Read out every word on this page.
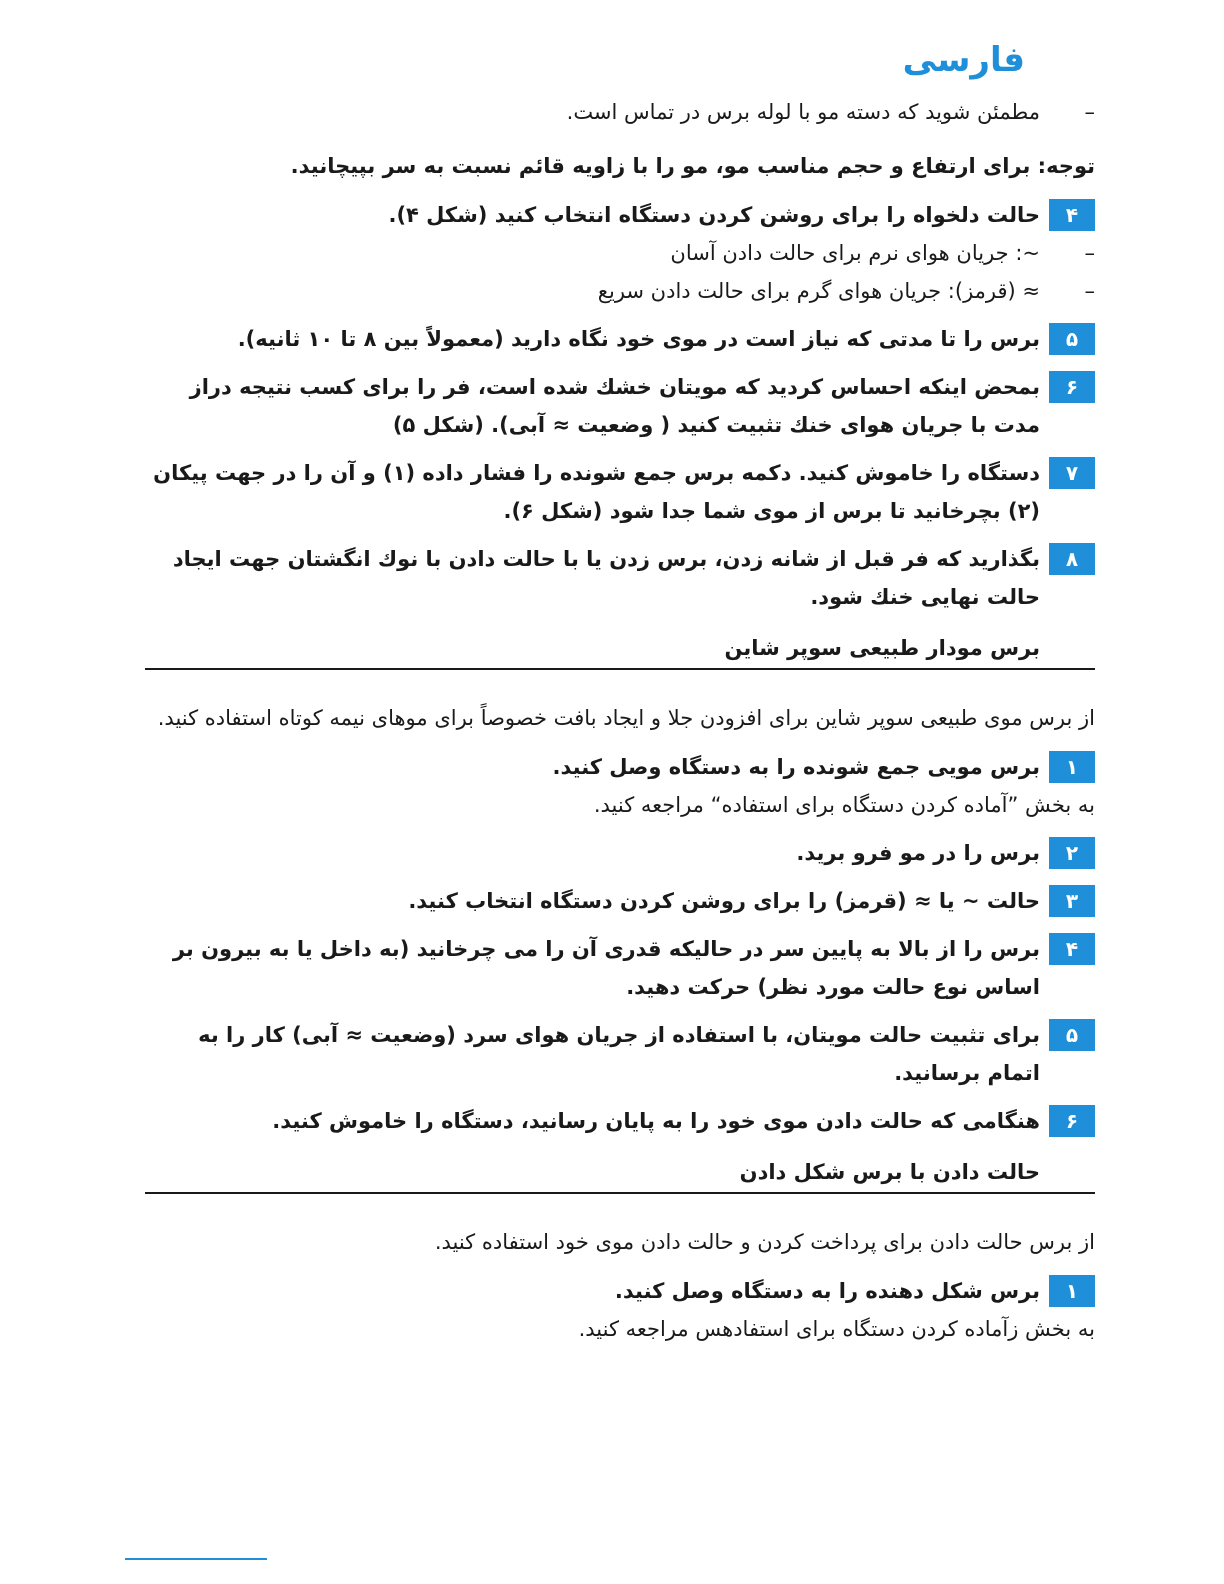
فارسی
–
مطمئن شوید که دسته مو با لوله برس در تماس است.
توجه: برای ارتفاع و حجم مناسب مو، مو را با زاویه قائم نسبت به سر بپیچانید.
۴
حالت دلخواه را برای روشن کردن دستگاه انتخاب کنید (شکل ۴).
–
~: جریان هوای نرم برای حالت دادن آسان
–
≈ (قرمز): جریان هوای گرم برای حالت دادن سریع
۵
برس را تا مدتی که نیاز است در موی خود نگاه دارید (معمولاً بین ۸ تا ۱۰ ثانیه).
۶
بمحض اینکه احساس کردید که مویتان خشك شده است، فر را برای کسب نتیجه دراز مدت با جریان هوای خنك تثبیت کنید ( وضعیت ≈ آبی). (شکل ۵)
۷
دستگاه را خاموش کنید. دکمه برس جمع شونده را فشار داده (۱) و آن را در جهت پیکان (۲) بچرخانید تا برس از موی شما جدا شود (شکل ۶).
۸
بگذارید که فر قبل از شانه زدن، برس زدن یا با حالت دادن با نوك انگشتان جهت ایجاد حالت نهایی خنك شود.
برس مودار طبیعی سوپر شاین
از برس موی طبیعی سوپر شاین برای افزودن جلا و ایجاد بافت خصوصاً برای موهای نیمه کوتاه استفاده کنید.
۱
برس مویی جمع شونده را به دستگاه وصل کنید.
به بخش ”آماده کردن دستگاه برای استفاده“ مراجعه کنید.
۲
برس را در مو فرو برید.
۳
حالت ~ یا ≈ (قرمز) را برای روشن کردن دستگاه انتخاب کنید.
۴
برس را از بالا به پایین سر در حالیکه قدری آن را می چرخانید (به داخل یا به بیرون بر اساس نوع حالت مورد نظر) حرکت دهید.
۵
برای تثبیت حالت مویتان، با استفاده از جریان هوای سرد (وضعیت ≈ آبی) کار را به اتمام برسانید.
۶
هنگامی که حالت دادن موی خود را به پایان رسانید، دستگاه را خاموش کنید.
حالت دادن با برس شکل دادن
از برس حالت دادن برای پرداخت کردن و حالت دادن موی خود استفاده کنید.
۱
برس شکل دهنده را به دستگاه وصل کنید.
به بخش زآماده کردن دستگاه برای استفادهس مراجعه کنید.
